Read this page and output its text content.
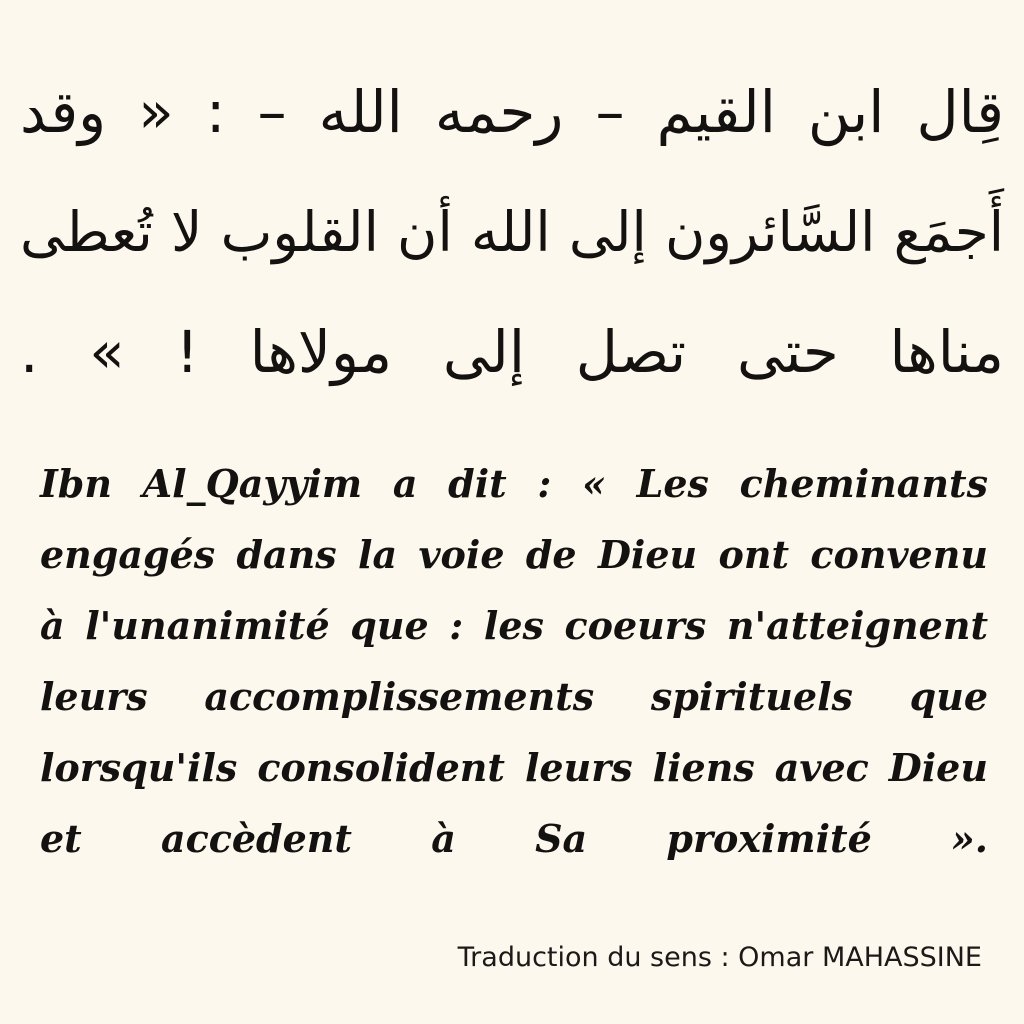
قِال ابن القيم – رحمه الله – : « وقد
أَجمَع السَّائرون إلى الله أن القلوب لا تُعطى
مناها حتى تصل إلى مولاها ! » .
Ibn Al_Qayyim a dit : « Les cheminants
engagés dans la voie de Dieu ont convenu
à l'unanimité que : les coeurs n'atteignent
leurs accomplissements spirituels que
lorsqu'ils consolident leurs liens avec Dieu
et accèdent à Sa proximité ».
Traduction du sens : Omar MAHASSINE
